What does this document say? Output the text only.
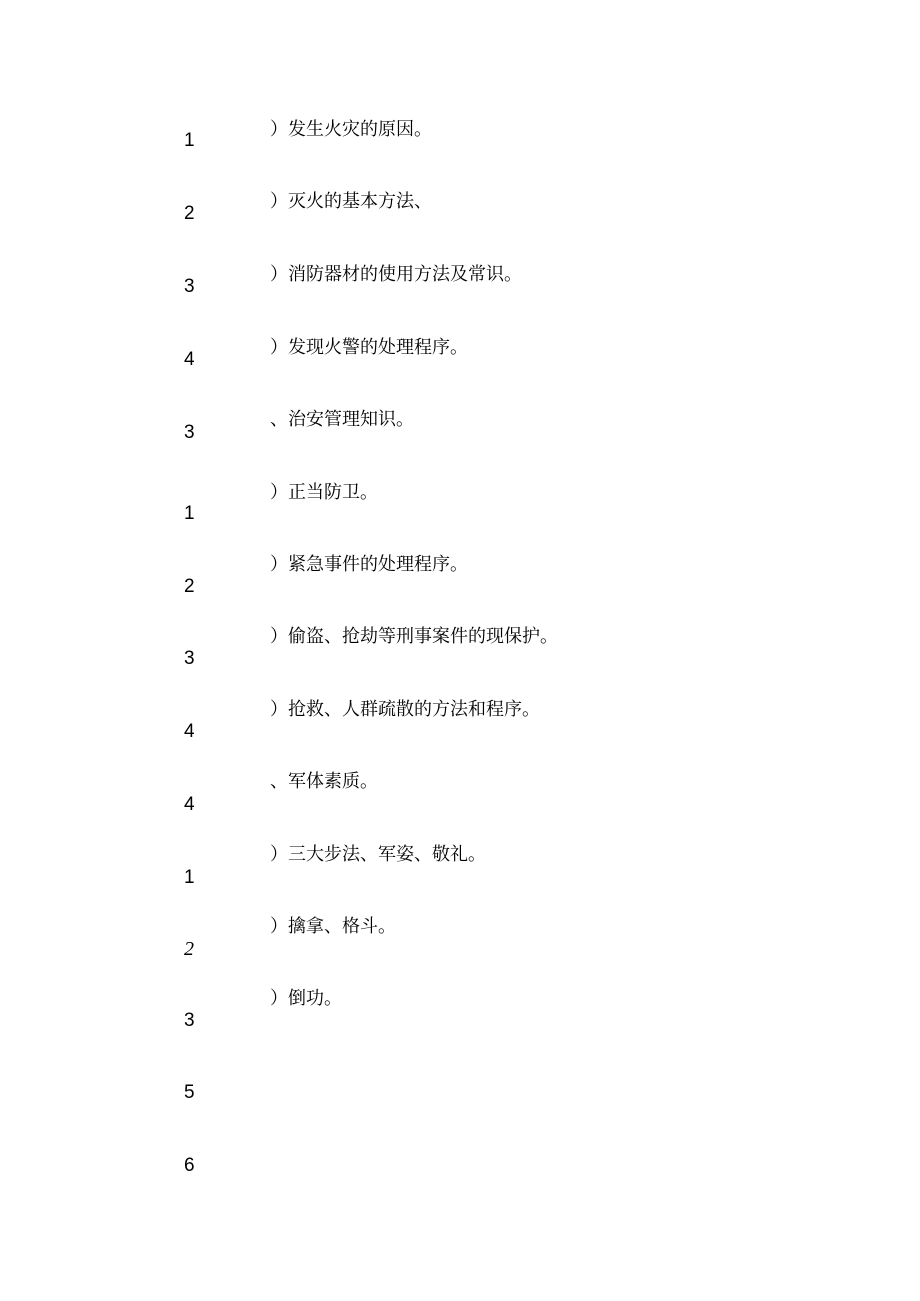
1
2
3
4
3
1
2
3
4
4
1
2
3
5
6
）发生火灾的原因。
）灭火的基本方法、
）消防器材的使用方法及常识。
）发现火警的处理程序。
、治安管理知识。
）正当防卫。
）紧急事件的处理程序。
）偷盗、抢劫等刑事案件的现保护。
）抢救、人群疏散的方法和程序。
、军体素质。
）三大步法、军姿、敬礼。
）擒拿、格斗。
）倒功。
